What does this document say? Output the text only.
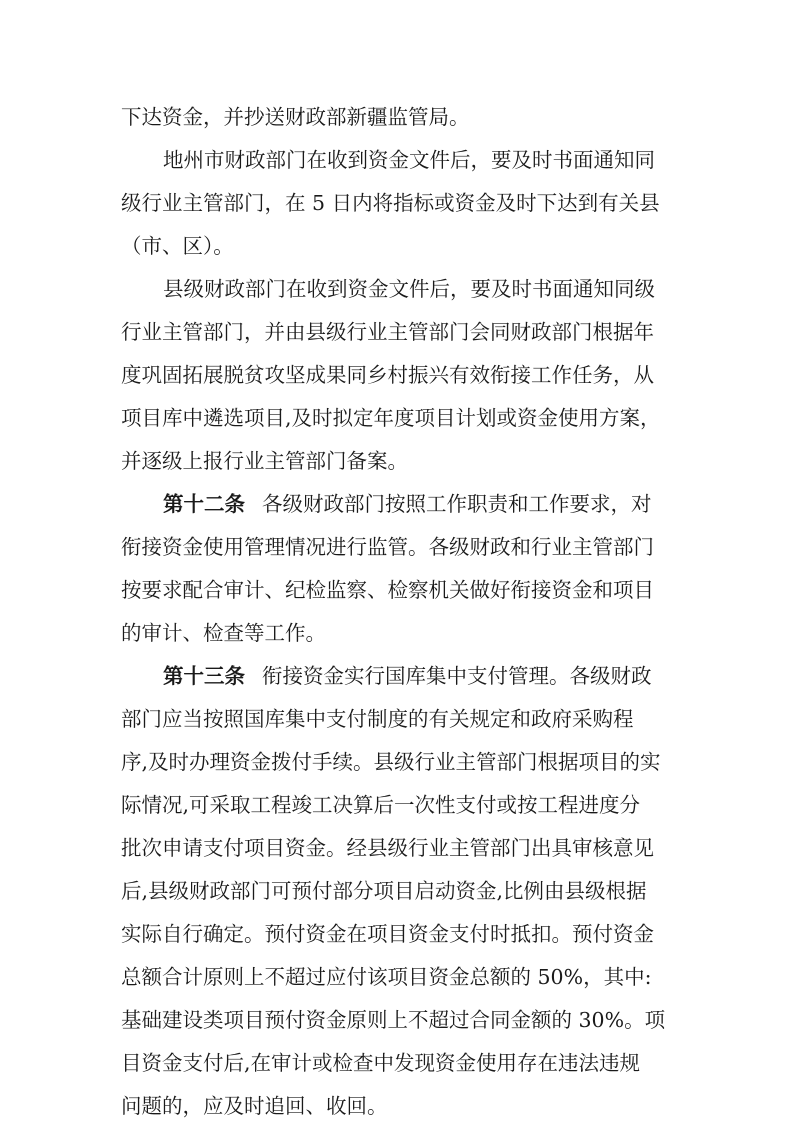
下达资金，并抄送财政部新疆监管局。
地州市财政部门在收到资金文件后，要及时书面通知同
级行业主管部门，在 5 日内将指标或资金及时下达到有关县
（市、区）。
县级财政部门在收到资金文件后，要及时书面通知同级
行业主管部门，并由县级行业主管部门会同财政部门根据年
度巩固拓展脱贫攻坚成果同乡村振兴有效衔接工作任务，从
项目库中遴选项目,及时拟定年度项目计划或资金使用方案，
并逐级上报行业主管部门备案。
第十二条 各级财政部门按照工作职责和工作要求，对
衔接资金使用管理情况进行监管。各级财政和行业主管部门
按要求配合审计、纪检监察、检察机关做好衔接资金和项目
的审计、检查等工作。
第十三条 衔接资金实行国库集中支付管理。各级财政
部门应当按照国库集中支付制度的有关规定和政府采购程
序,及时办理资金拨付手续。县级行业主管部门根据项目的实
际情况,可采取工程竣工决算后一次性支付或按工程进度分
批次申请支付项目资金。经县级行业主管部门出具审核意见
后,县级财政部门可预付部分项目启动资金,比例由县级根据
实际自行确定。预付资金在项目资金支付时抵扣。预付资金
总额合计原则上不超过应付该项目资金总额的 50%，其中:
基础建设类项目预付资金原则上不超过合同金额的 30%。项
目资金支付后,在审计或检查中发现资金使用存在违法违规
问题的，应及时追回、收回。
